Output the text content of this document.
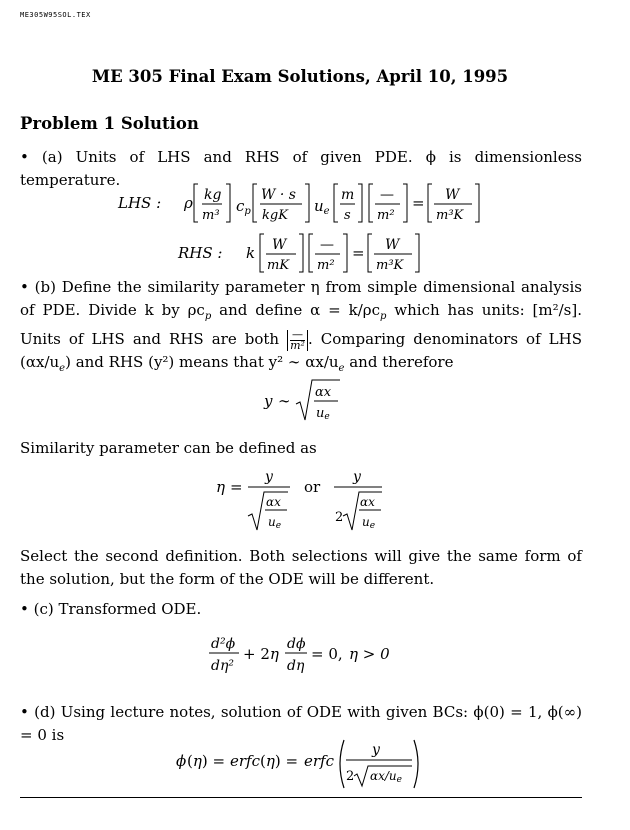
ME305W95SOL.TEX
ME 305 Final Exam Solutions, April 10, 1995
Problem 1 Solution
• (a) Units of LHS and RHS of given PDE. ϕ is dimensionless temperature.
LHS : ρ kg
m³
$c_p$
W · s
kgK
$u_e$
m
s
—
m²
= W
m³K
RHS : k W
mK
—
m²
= W
m³K
• (b) Define the similarity parameter η from simple dimensional analysis of PDE. Divide k by $\rho c_p$ and define $\alpha = k/\rho c_p$ which has units: [m²/s]. Units of LHS and RHS are both —
m² . Comparing denominators of LHS $(\alpha x/u_e)$ and RHS (y²) means that y² ∼ $\alpha x/u_e$ and therefore
y ∼ αx
ue
Similarity parameter can be defined as
η =
y
αx
ue
or
y
2
αx
ue
Select the second definition. Both selections will give the same form of the solution, but the form of the ODE will be different.
• (c) Transformed ODE.
d²ϕ
dη²
+ 2η
dϕ
dη
= 0, η > 0
• (d) Using lecture notes, solution of ODE with given BCs: ϕ(0) = 1, ϕ(∞) = 0 is
ϕ (η) = erfc (η) = erfc
y
2 αx/ue
